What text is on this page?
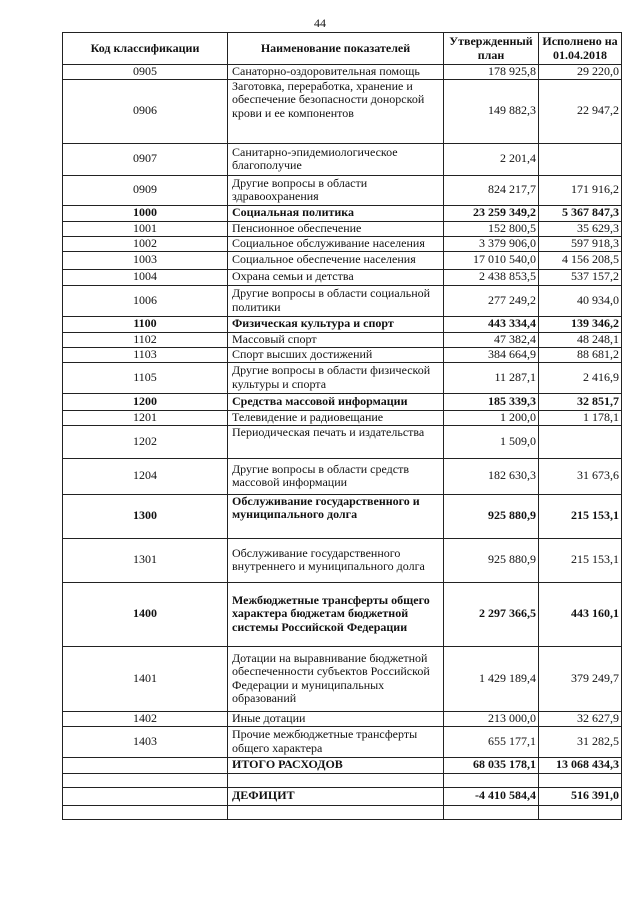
44
Код классификации	Наименование показателей	Утвержденный план	Исполнено на 01.04.2018
0905	Санаторно-оздоровительная помощь	178 925,8	29 220,0
0906	Заготовка, переработка, хранение и обеспечение безопасности донорской крови и ее компонентов	149 882,3	22 947,2
0907	Санитарно-эпидемиологическое благополучие	2 201,4	
0909	Другие вопросы в области здравоохранения	824 217,7	171 916,2
1000	Социальная политика	23 259 349,2	5 367 847,3
1001	Пенсионное обеспечение	152 800,5	35 629,3
1002	Социальное обслуживание населения	3 379 906,0	597 918,3
1003	Социальное обеспечение населения	17 010 540,0	4 156 208,5
1004	Охрана семьи и детства	2 438 853,5	537 157,2
1006	Другие вопросы в области социальной политики	277 249,2	40 934,0
1100	Физическая культура и спорт	443 334,4	139 346,2
1102	Массовый спорт	47 382,4	48 248,1
1103	Спорт высших достижений	384 664,9	88 681,2
1105	Другие вопросы в области физической культуры и спорта	11 287,1	2 416,9
1200	Средства массовой информации	185 339,3	32 851,7
1201	Телевидение и радиовещание	1 200,0	1 178,1
1202	Периодическая печать и издательства	1 509,0	
1204	Другие вопросы в области средств массовой информации	182 630,3	31 673,6
1300	Обслуживание государственного и муниципального долга	925 880,9	215 153,1
1301	Обслуживание государственного внутреннего и муниципального долга	925 880,9	215 153,1
1400	Межбюджетные трансферты общего характера бюджетам бюджетной системы Российской Федерации	2 297 366,5	443 160,1
1401	Дотации на выравнивание бюджетной обеспеченности субъектов Российской Федерации и муниципальных образований	1 429 189,4	379 249,7
1402	Иные дотации	213 000,0	32 627,9
1403	Прочие межбюджетные трансферты общего характера	655 177,1	31 282,5
	ИТОГО РАСХОДОВ	68 035 178,1	13 068 434,3

	ДЕФИЦИТ	-4 410 584,4	516 391,0
